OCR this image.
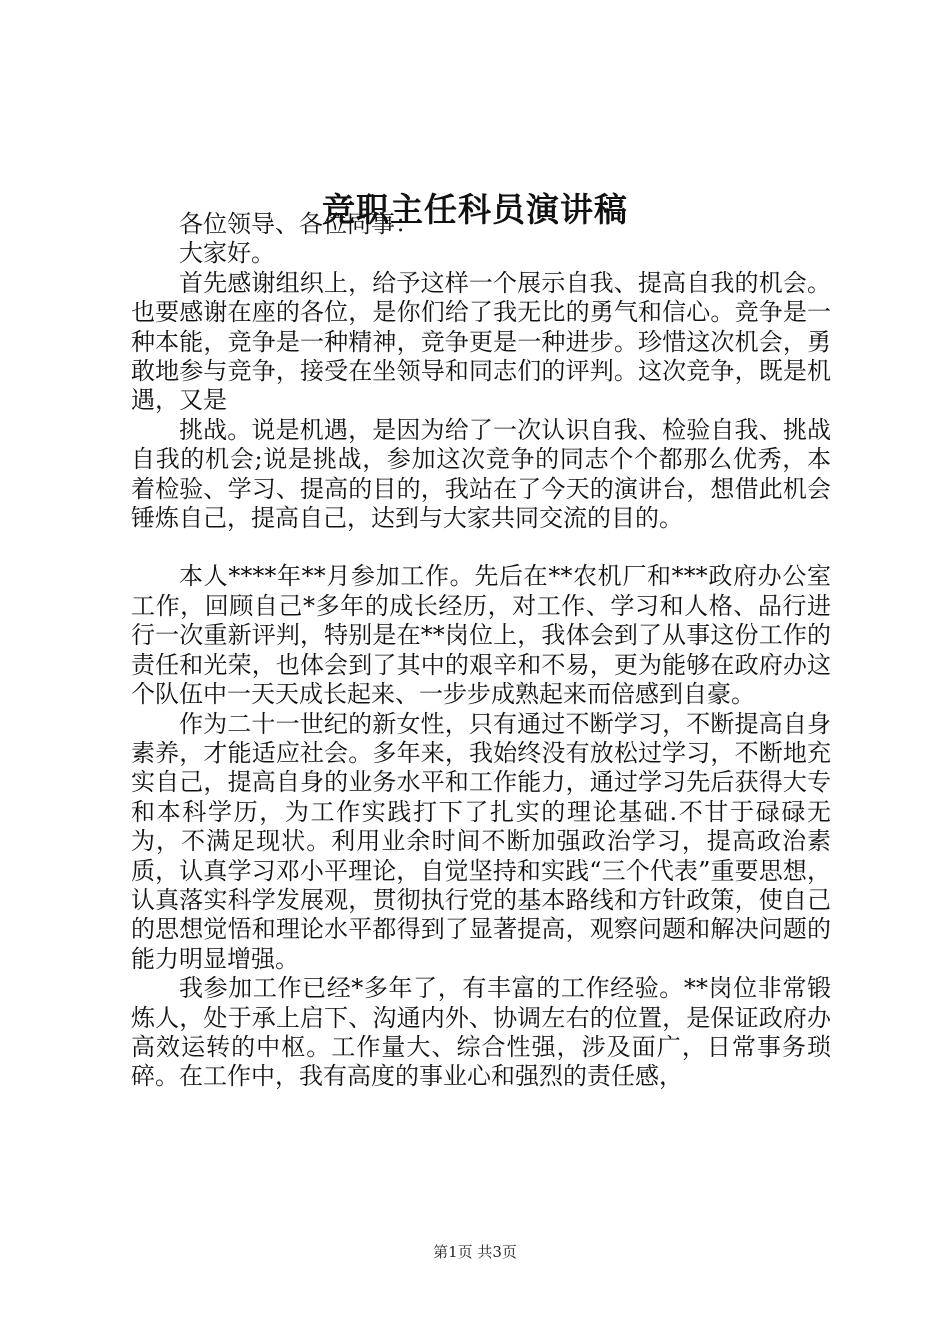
竞职主任科员演讲稿

各位领导、各位同事：

大家好。

首先感谢组织上，给予这样一个展示自我、提高自我的机会。也要感谢在座的各位，是你们给了我无比的勇气和信心。竞争是一种本能，竞争是一种精神，竞争更是一种进步。珍惜这次机会，勇敢地参与竞争，接受在坐领导和同志们的评判。这次竞争，既是机遇，又是

挑战。说是机遇，是因为给了一次认识自我、检验自我、挑战自我的机会;说是挑战，参加这次竞争的同志个个都那么优秀，本着检验、学习、提高的目的，我站在了今天的演讲台，想借此机会锤炼自己，提高自己，达到与大家共同交流的目的。

本人****年**月参加工作。先后在**农机厂和***政府办公室工作，回顾自己*多年的成长经历，对工作、学习和人格、品行进行一次重新评判，特别是在**岗位上，我体会到了从事这份工作的责任和光荣，也体会到了其中的艰辛和不易，更为能够在政府办这个队伍中一天天成长起来、一步步成熟起来而倍感到自豪。

作为二十一世纪的新女性，只有通过不断学习，不断提高自身素养，才能适应社会。多年来，我始终没有放松过学习，不断地充实自己，提高自身的业务水平和工作能力，通过学习先后获得大专和本科学历，为工作实践打下了扎实的理论基础.不甘于碌碌无为，不满足现状。利用业余时间不断加强政治学习，提高政治素质，认真学习邓小平理论，自觉坚持和实践“三个代表”重要思想，认真落实科学发展观，贯彻执行党的基本路线和方针政策，使自己的思想觉悟和理论水平都得到了显著提高，观察问题和解决问题的能力明显增强。

我参加工作已经*多年了，有丰富的工作经验。**岗位非常锻炼人，处于承上启下、沟通内外、协调左右的位置，是保证政府办高效运转的中枢。工作量大、综合性强，涉及面广，日常事务琐碎。在工作中，我有高度的事业心和强烈的责任感，

第1页 共3页
